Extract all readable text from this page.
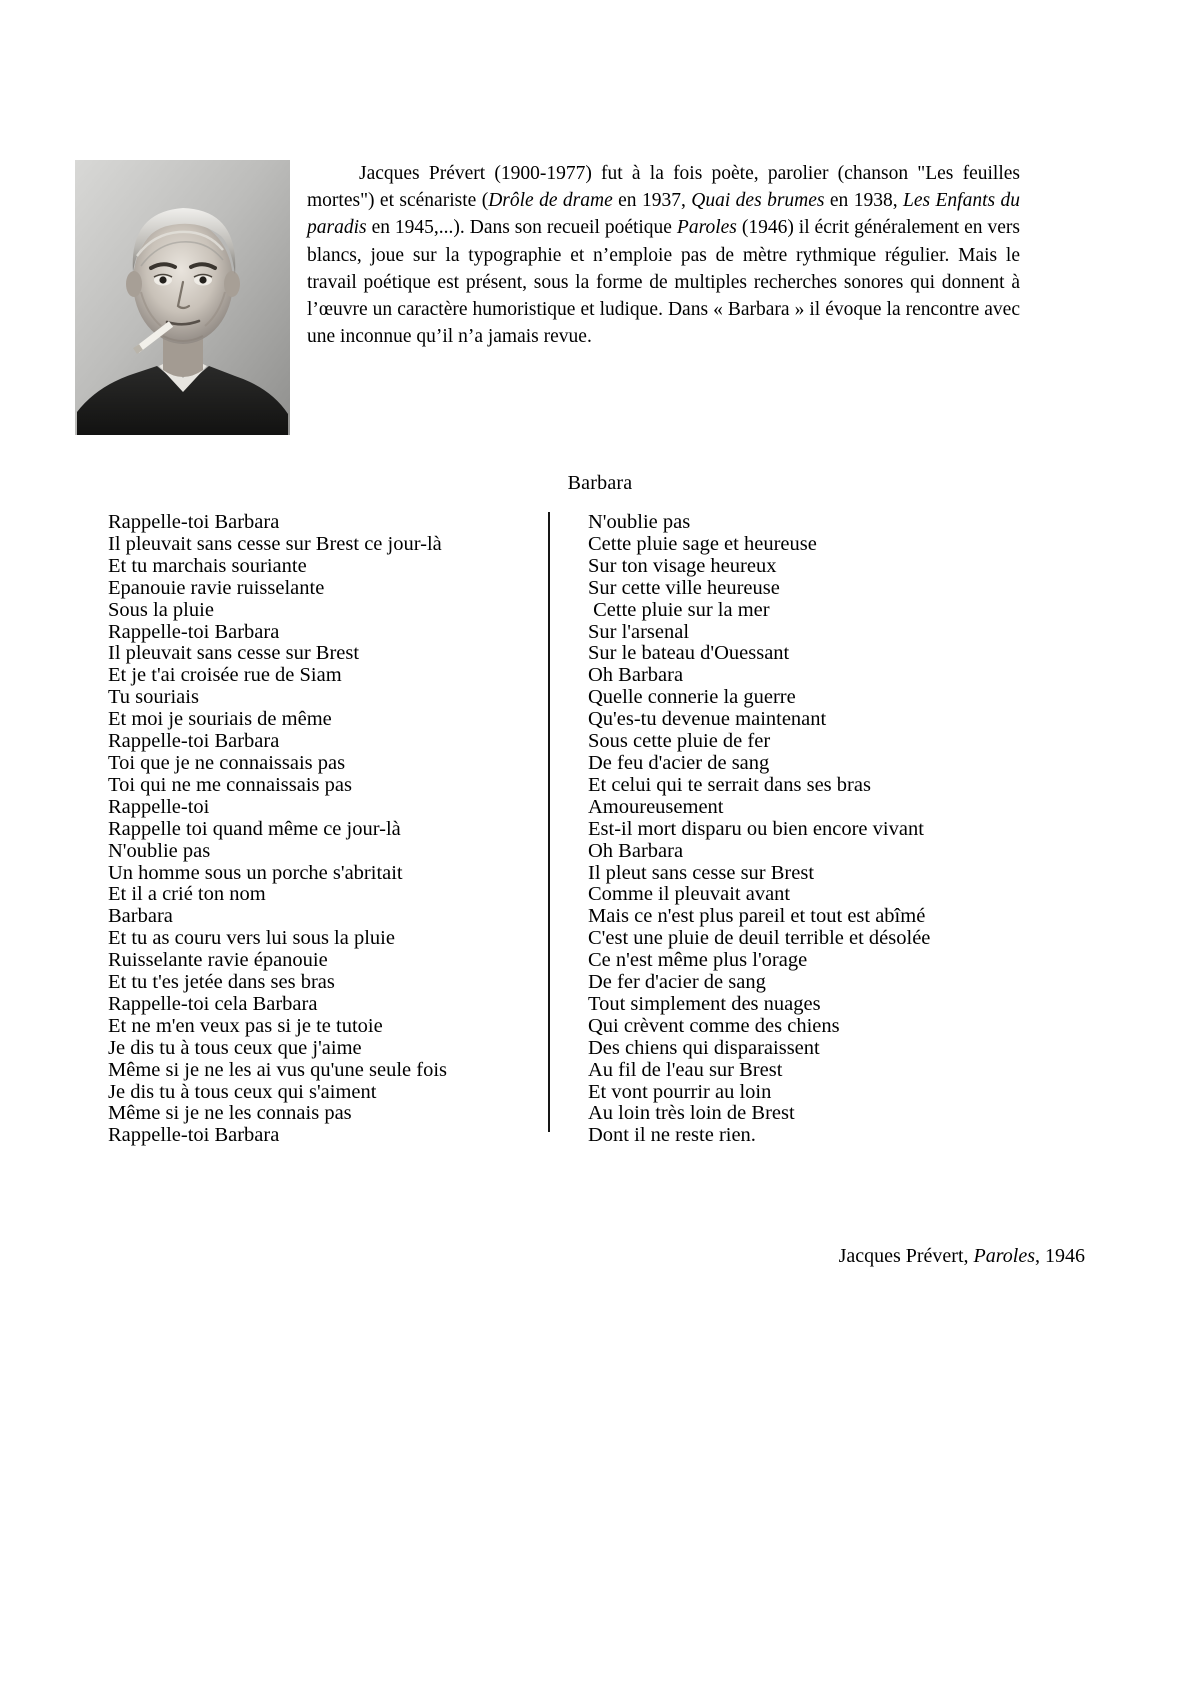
Jacques Prévert (1900-1977) fut à la fois poète, parolier (chanson "Les feuilles mortes") et scénariste (Drôle de drame en 1937, Quai des brumes en 1938, Les Enfants du paradis en 1945,...). Dans son recueil poétique Paroles (1946) il écrit généralement en vers blancs, joue sur la typographie et n’emploie pas de mètre rythmique régulier. Mais le travail poétique est présent, sous la forme de multiples recherches sonores qui donnent à l’œuvre un caractère humoristique et ludique. Dans « Barbara » il évoque la rencontre avec une inconnue qu’il n’a jamais revue.
Barbara
Rappelle-toi Barbara
Il pleuvait sans cesse sur Brest ce jour-là
Et tu marchais souriante
Epanouie ravie ruisselante
Sous la pluie
Rappelle-toi Barbara
Il pleuvait sans cesse sur Brest
Et je t'ai croisée rue de Siam
Tu souriais
Et moi je souriais de même
Rappelle-toi Barbara
Toi que je ne connaissais pas
Toi qui ne me connaissais pas
Rappelle-toi
Rappelle toi quand même ce jour-là
N'oublie pas
Un homme sous un porche s'abritait
Et il a crié ton nom
Barbara
Et tu as couru vers lui sous la pluie
Ruisselante ravie épanouie
Et tu t'es jetée dans ses bras
Rappelle-toi cela Barbara
Et ne m'en veux pas si je te tutoie
Je dis tu à tous ceux que j'aime
Même si je ne les ai vus qu'une seule fois
Je dis tu à tous ceux qui s'aiment
Même si je ne les connais pas
Rappelle-toi Barbara
N'oublie pas
Cette pluie sage et heureuse
Sur ton visage heureux
Sur cette ville heureuse
Cette pluie sur la mer
Sur l'arsenal
Sur le bateau d'Ouessant
Oh Barbara
Quelle connerie la guerre
Qu'es-tu devenue maintenant
Sous cette pluie de fer
De feu d'acier de sang
Et celui qui te serrait dans ses bras
Amoureusement
Est-il mort disparu ou bien encore vivant
Oh Barbara
Il pleut sans cesse sur Brest
Comme il pleuvait avant
Mais ce n'est plus pareil et tout est abîmé
C'est une pluie de deuil terrible et désolée
Ce n'est même plus l'orage
De fer d'acier de sang
Tout simplement des nuages
Qui crèvent comme des chiens
Des chiens qui disparaissent
Au fil de l'eau sur Brest
Et vont pourrir au loin
Au loin très loin de Brest
Dont il ne reste rien.
Jacques Prévert, Paroles, 1946
